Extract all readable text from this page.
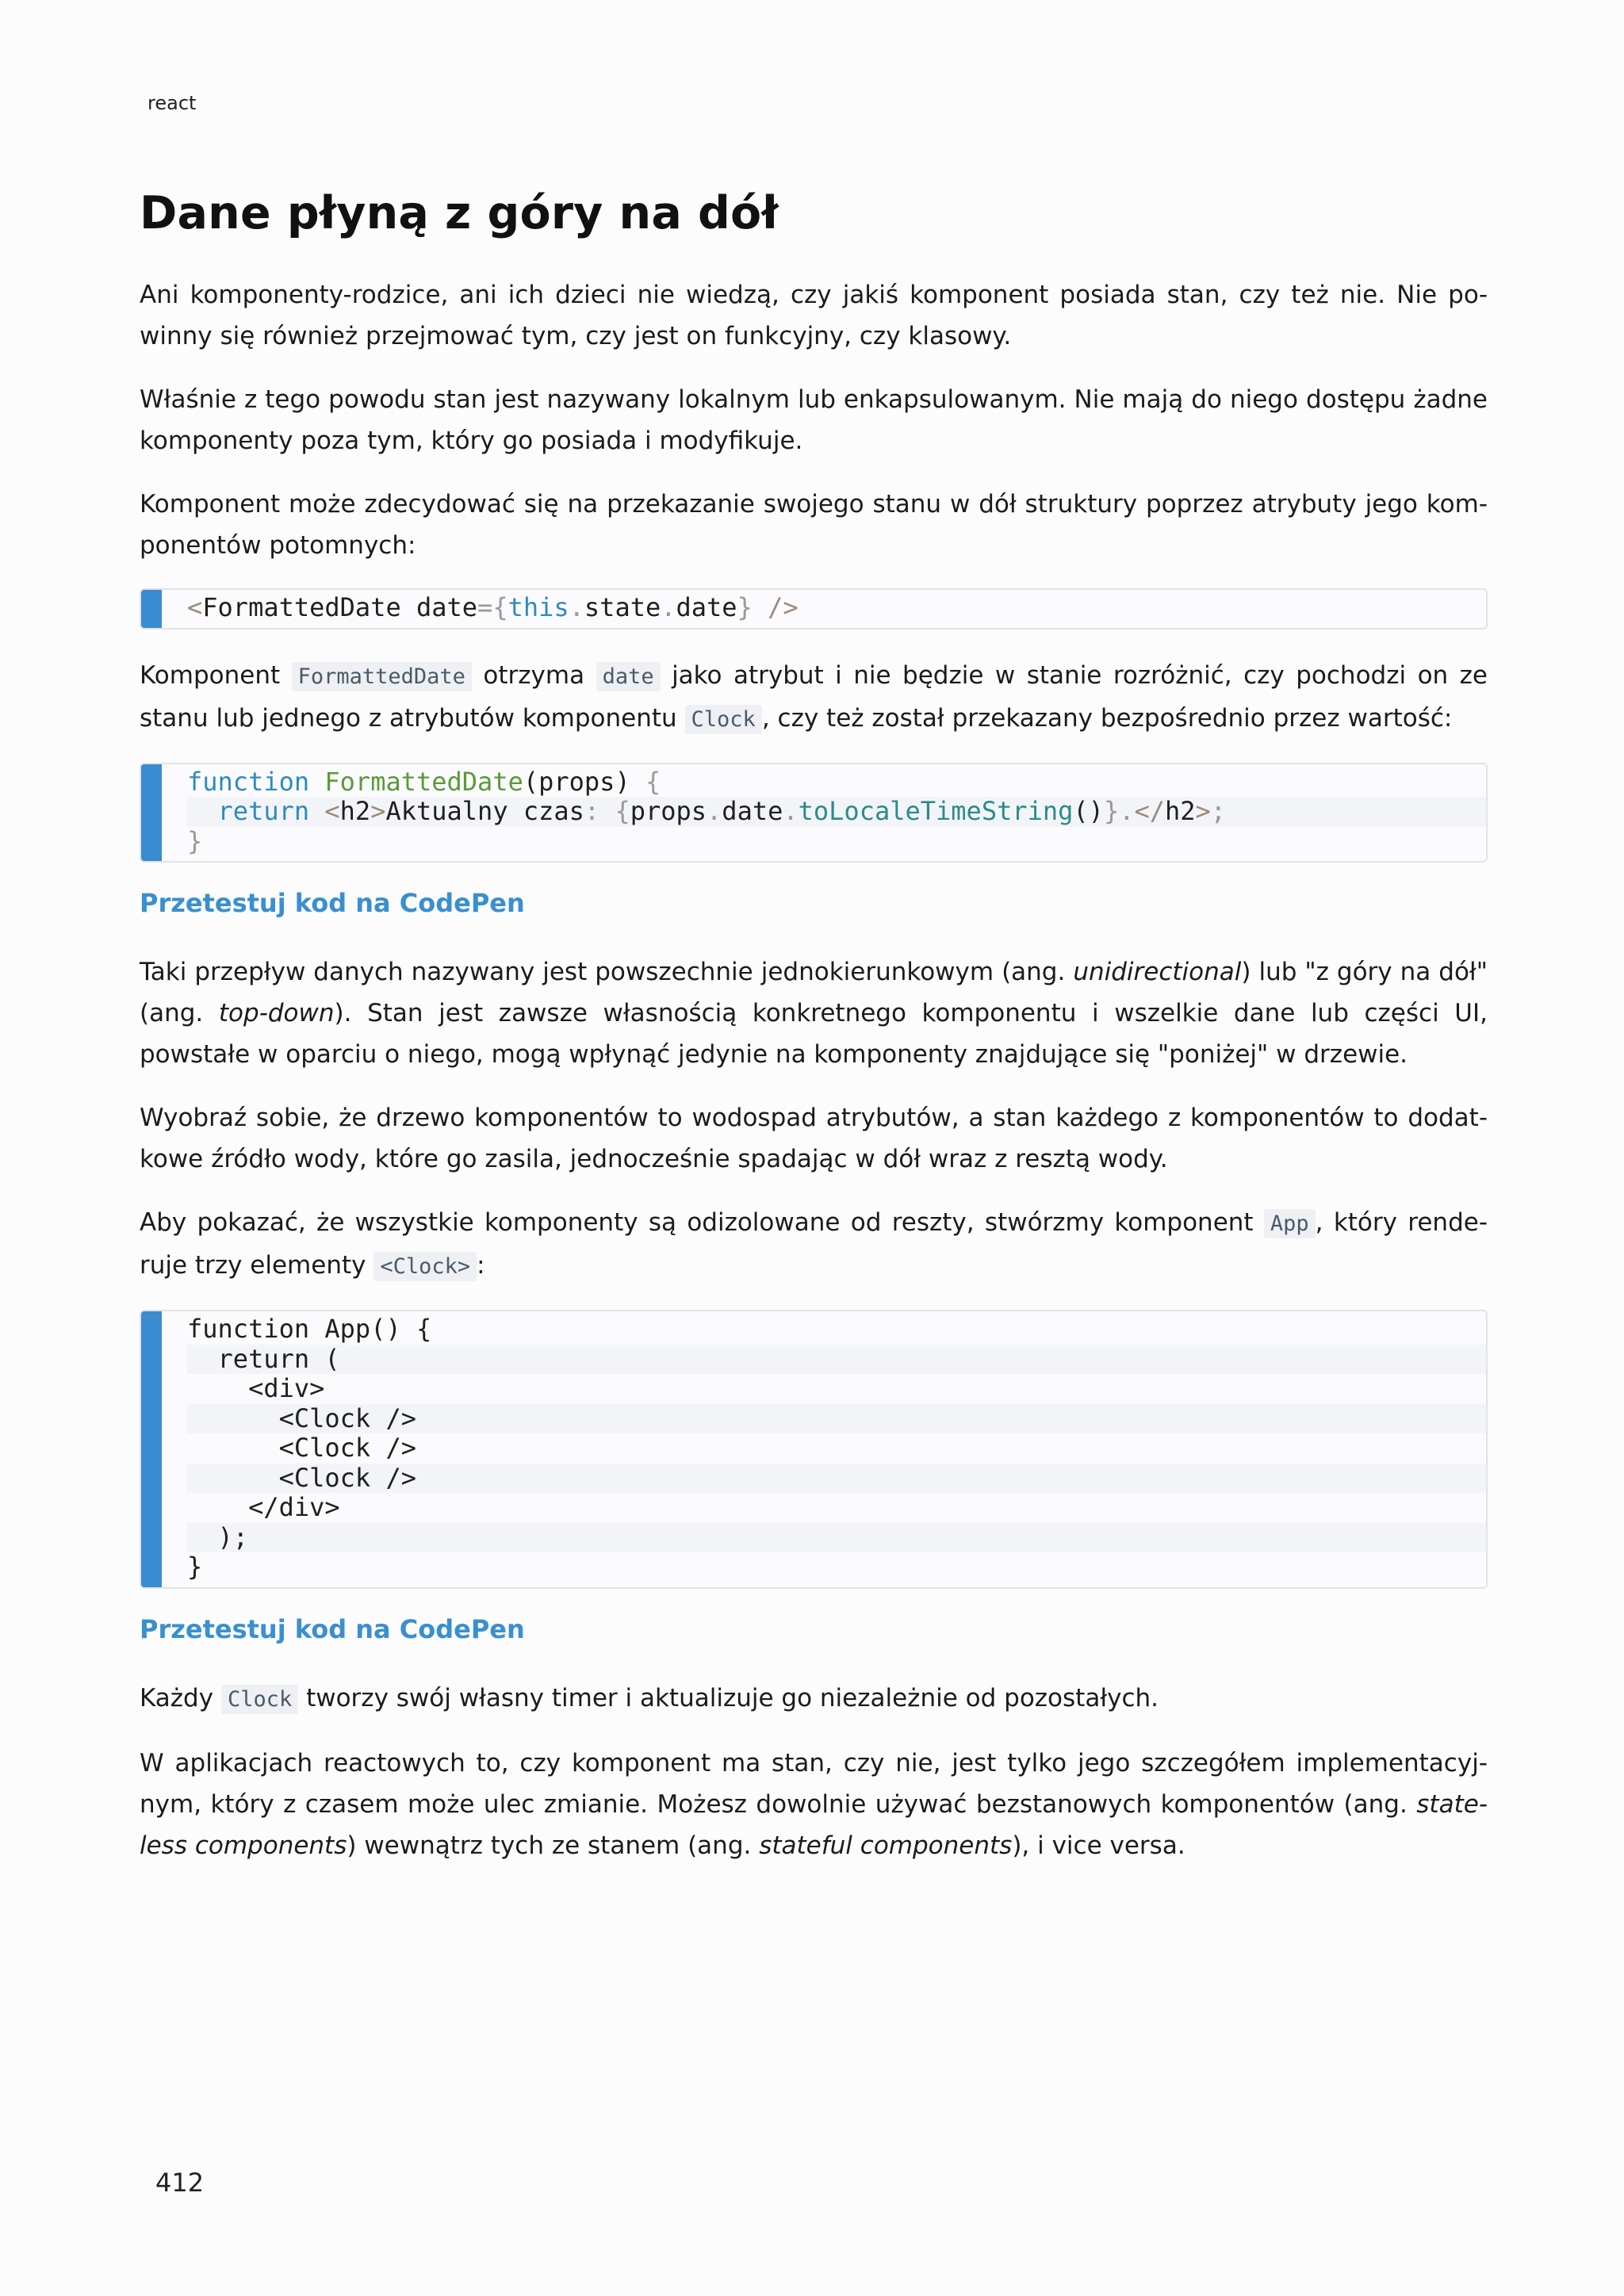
react
Dane płyną z góry na dół

Ani komponenty-rodzice, ani ich dzieci nie wiedzą, czy jakiś komponent posiada stan, czy też nie. Nie powinny się również przejmować tym, czy jest on funkcyjny, czy klasowy.

Właśnie z tego powodu stan jest nazywany lokalnym lub enkapsulowanym. Nie mają do niego dostępu żadne komponenty poza tym, który go posiada i modyfikuje.

Komponent może zdecydować się na przekazanie swojego stanu w dół struktury poprzez atrybuty jego komponentów potomnych:

<FormattedDate date={this.state.date} />

Komponent FormattedDate otrzyma date jako atrybut i nie będzie w stanie rozróżnić, czy pochodzi on ze stanu lub jednego z atrybutów komponentu Clock , czy też został przekazany bezpośrednio przez wartość:

function FormattedDate(props) {
return <h2>Aktualny czas: {props.date.toLocaleTimeString()}.</h2>;
}
Przetestuj kod na CodePen

Taki przepływ danych nazywany jest powszechnie jednokierunkowym (ang. unidirectional) lub "z góry na dół" (ang. top-down). Stan jest zawsze własnością konkretnego komponentu i wszelkie dane lub części UI, powstałe w oparciu o niego, mogą wpłynąć jedynie na komponenty znajdujące się "poniżej" w drzewie.

Wyobraź sobie, że drzewo komponentów to wodospad atrybutów, a stan każdego z komponentów to dodatkowe źródło wody, które go zasila, jednocześnie spadając w dół wraz z resztą wody.

Aby pokazać, że wszystkie komponenty są odizolowane od reszty, stwórzmy komponent App , który renderuje trzy elementy <Clock> :

function App() {
return (
<div>
<Clock />
<Clock />
<Clock />
</div>
);
}
Przetestuj kod na CodePen

Każdy Clock tworzy swój własny timer i aktualizuje go niezależnie od pozostałych.

W aplikacjach reactowych to, czy komponent ma stan, czy nie, jest tylko jego szczegółem implementacyjnym, który z czasem może ulec zmianie. Możesz dowolnie używać bezstanowych komponentów (ang. stateless components) wewnątrz tych ze stanem (ang. stateful components), i vice versa.

412
